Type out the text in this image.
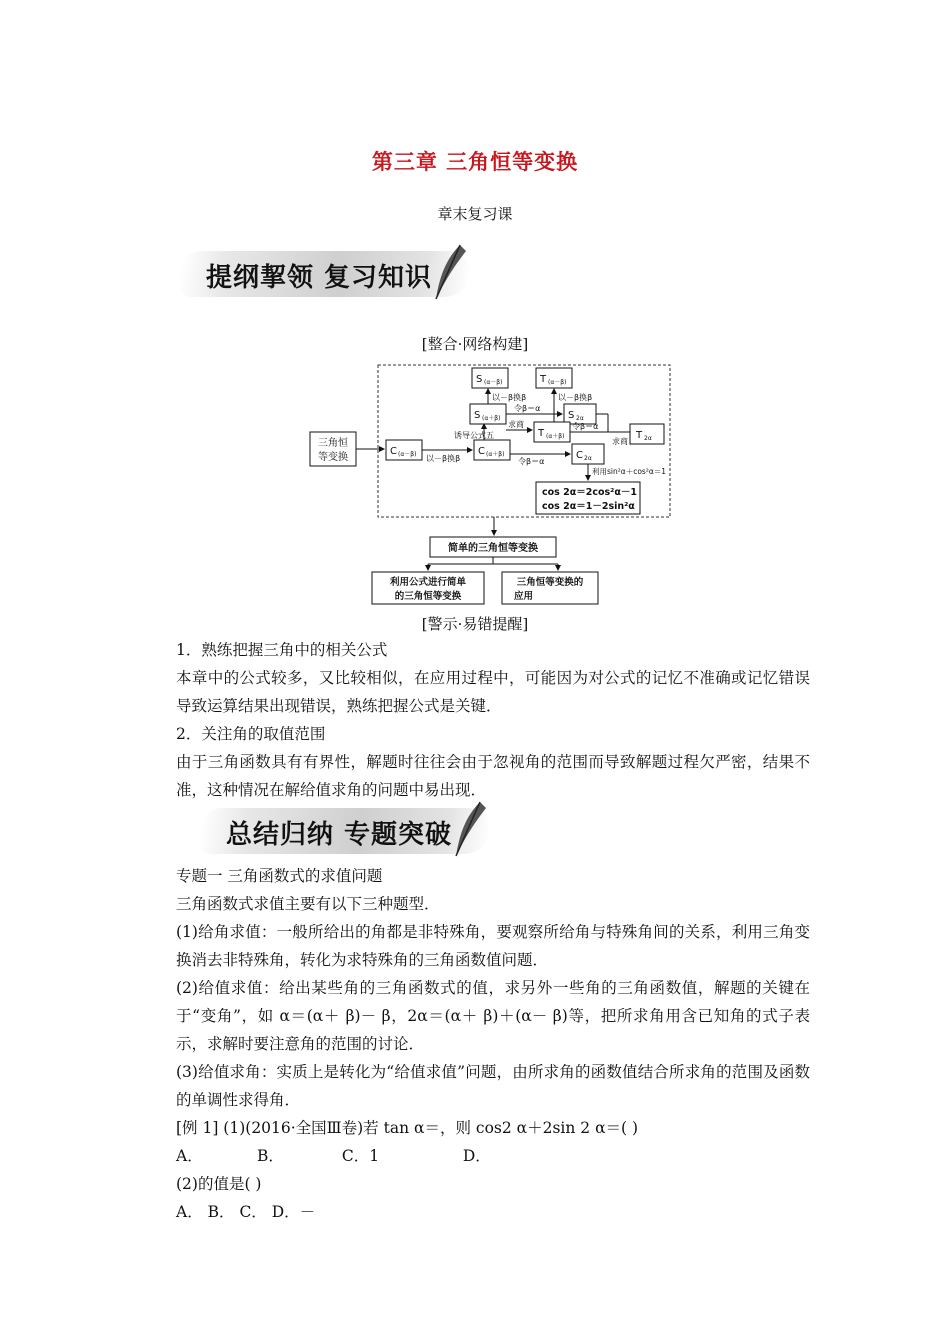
第三章 三角恒等变换
章末复习课
提纲挈领 复习知识
[整合·网络构建]
三角恒
等变换
C (α－β) 以－β换β
C (α＋β)
诱导公式五
S (α＋β)
S (α－β)
以－β换β
T (α－β)
令β＝α
S 2α
求商
T (α＋β)
以－β换β
令β＝α
求商
T 2α
令β＝α
C 2α
利用sin²α＋cos²α＝1
cos 2α＝2cos²α－1
cos 2α＝1－2sin²α
简单的三角恒等变换
利用公式进行简单
的三角恒等变换
三角恒等变换的
应用
[警示·易错提醒]
1．熟练把握三角中的相关公式
本章中的公式较多，又比较相似，在应用过程中，可能因为对公式的记忆不准确或记忆错误导致运算结果出现错误，熟练把握公式是关键．
2．关注角的取值范围
由于三角函数具有有界性，解题时往往会由于忽视角的范围而导致解题过程欠严密，结果不准，这种情况在解给值求角的问题中易出现．
总结归纳 专题突破
专题一 三角函数式的求值问题
三角函数式求值主要有以下三种题型．
(1)给角求值：一般所给出的角都是非特殊角，要观察所给角与特殊角间的关系，利用三角变换消去非特殊角，转化为求特殊角的三角函数值问题．
(2)给值求值：给出某些角的三角函数式的值，求另外一些角的三角函数值，解题的关键在于“变角”，如 α＝(α＋ β)－ β，2α＝(α＋ β)＋(α－ β)等，把所求角用含已知角的式子表示，求解时要注意角的范围的讨论．
(3)给值求角：实质上是转化为“给值求值”问题，由所求角的函数值结合所求角的范围及函数的单调性求得角．
[例 1] (1)(2016·全国Ⅲ卷)若 tan α＝，则 cos2 α＋2sin 2 α＝( )
A．	B．	C．1	D．
(2)的值是( )
A． B． C． D．－
